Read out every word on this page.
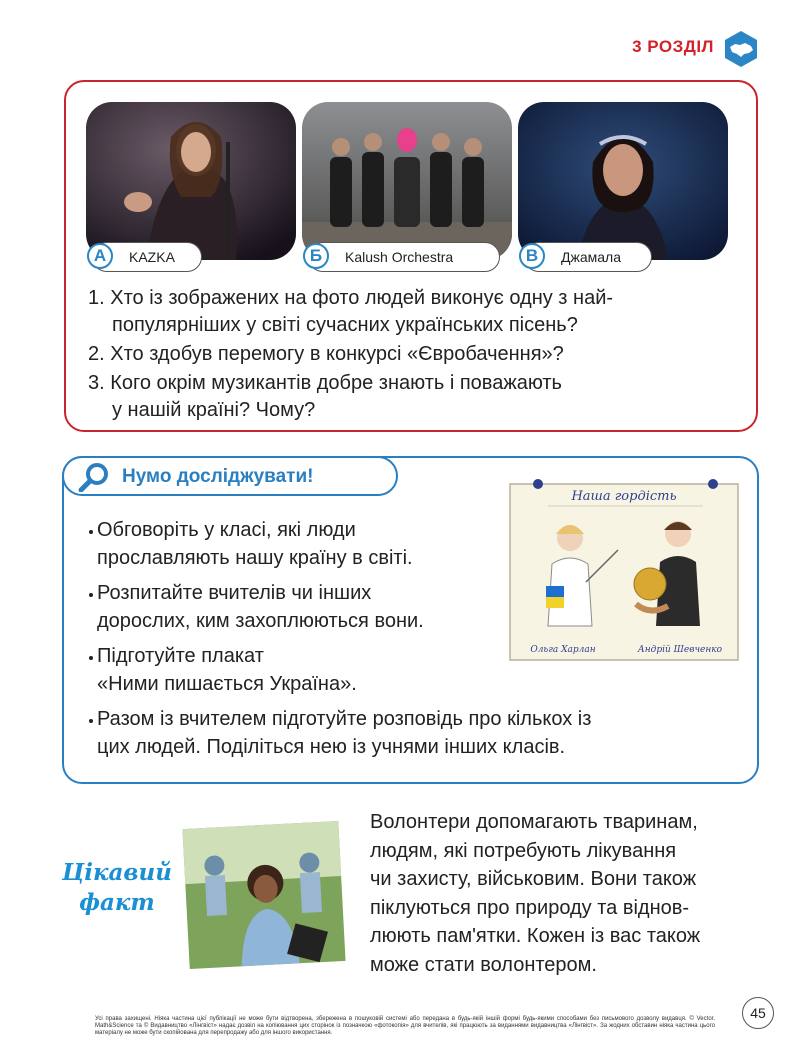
3 РОЗДІЛ
А	KAZKA	Б	Kalush Orchestra	В	Джамала
1. Хто із зображених на фото людей виконує одну з най-
популярніших у світі сучасних українських пісень?
2. Хто здобув перемогу в конкурсі «Євробачення»?
3. Кого окрім музикантів добре знають і поважають
у нашій країні? Чому?
Нумо досліджувати!
Обговоріть у класі, які люди
прославляють нашу країну в світі.
Розпитайте вчителів чи інших
дорослих, ким захоплюються вони.
Підготуйте плакат
«Ними пишається Україна».
Разом із вчителем підготуйте розповідь про кількох із
цих людей. Поділіться нею із учнями інших класів.
Наша гордість
Ольга Харлан	Андрій Шевченко
Цікавий
факт
Волонтери допомагають тваринам,
людям, які потребують лікування
чи захисту, військовим. Вони також
піклуються про природу та віднов-
люють пам'ятки. Кожен із вас також
може стати волонтером.
Усі права захищені. Ніяка частина цієї публікації не може бути відтворена, збережена в пошуковій системі або передана в будь-якій іншій формі будь-якими способами без письмового дозволу видавця. © Vector. Math&Science та © Видавництво «Лінгвіст» надає дозвіл на копіювання цих сторінок із позначкою «фотокопія» для вчителів, які працюють за виданнями видавництва «Лінгвіст». За жодних обставин ніяка частина цього матеріалу не може бути скопійована для перепродажу або для іншого використання.
45
